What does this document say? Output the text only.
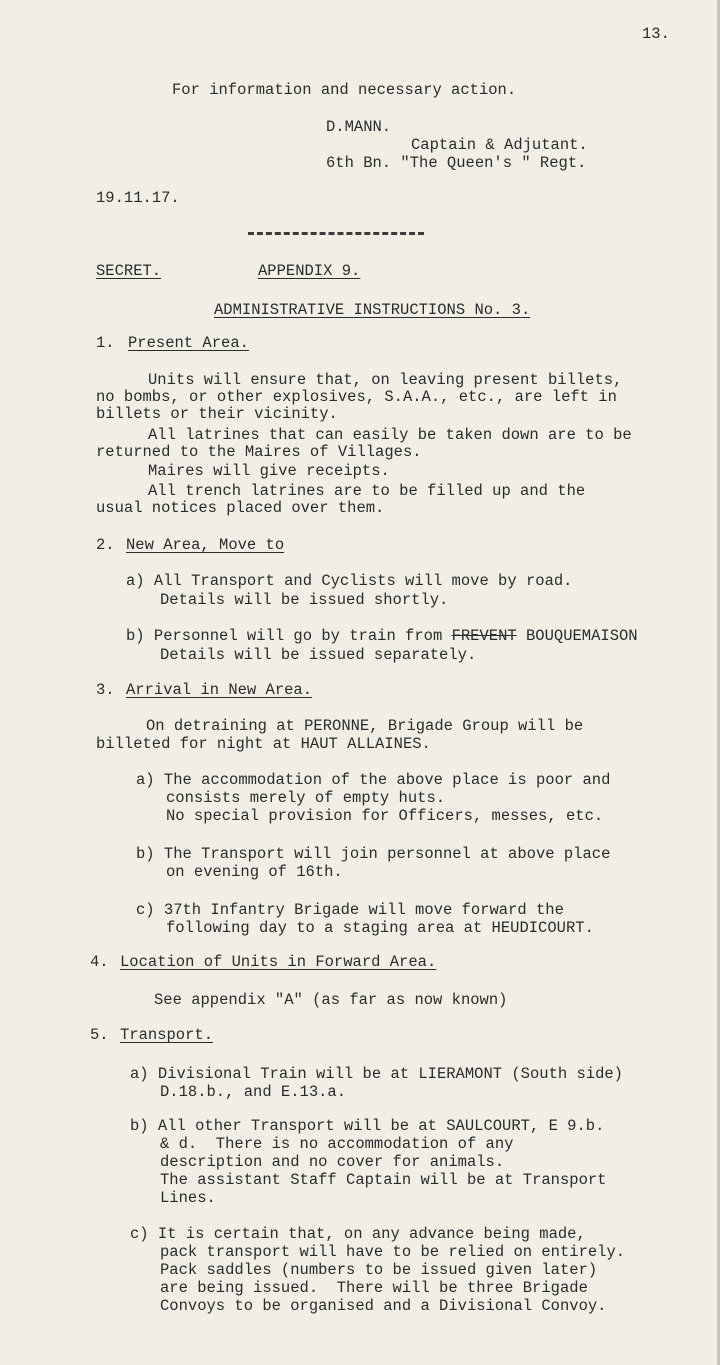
13.
For information and necessary action.
D.MANN.
Captain & Adjutant.
6th Bn. "The Queen's " Regt.
19.11.17.
SECRET.	APPENDIX 9.
ADMINISTRATIVE INSTRUCTIONS No. 3.
1. Present Area.
Units will ensure that, on leaving present billets,
no bombs, or other explosives, S.A.A., etc., are left in
billets or their vicinity.
All latrines that can easily be taken down are to be
returned to the Maires of Villages.
Maires will give receipts.
All trench latrines are to be filled up and the
usual notices placed over them.
2. New Area, Move to
a) All Transport and Cyclists will move by road.
Details will be issued shortly.
b) Personnel will go by train from FREVENT BOUQUEMAISON
Details will be issued separately.
3. Arrival in New Area.
On detraining at PERONNE, Brigade Group will be
billeted for night at HAUT ALLAINES.
a) The accommodation of the above place is poor and
consists merely of empty huts.
No special provision for Officers, messes, etc.
b) The Transport will join personnel at above place
on evening of 16th.
c) 37th Infantry Brigade will move forward the
following day to a staging area at HEUDICOURT.
4. Location of Units in Forward Area.
See appendix "A" (as far as now known)
5. Transport.
a) Divisional Train will be at LIERAMONT (South side)
D.18.b., and E.13.a.
b) All other Transport will be at SAULCOURT, E 9.b.
& d.  There is no accommodation of any
description and no cover for animals.
The assistant Staff Captain will be at Transport
Lines.
c) It is certain that, on any advance being made,
pack transport will have to be relied on entirely.
Pack saddles (numbers to be issued given later)
are being issued.  There will be three Brigade
Convoys to be organised and a Divisional Convoy.
